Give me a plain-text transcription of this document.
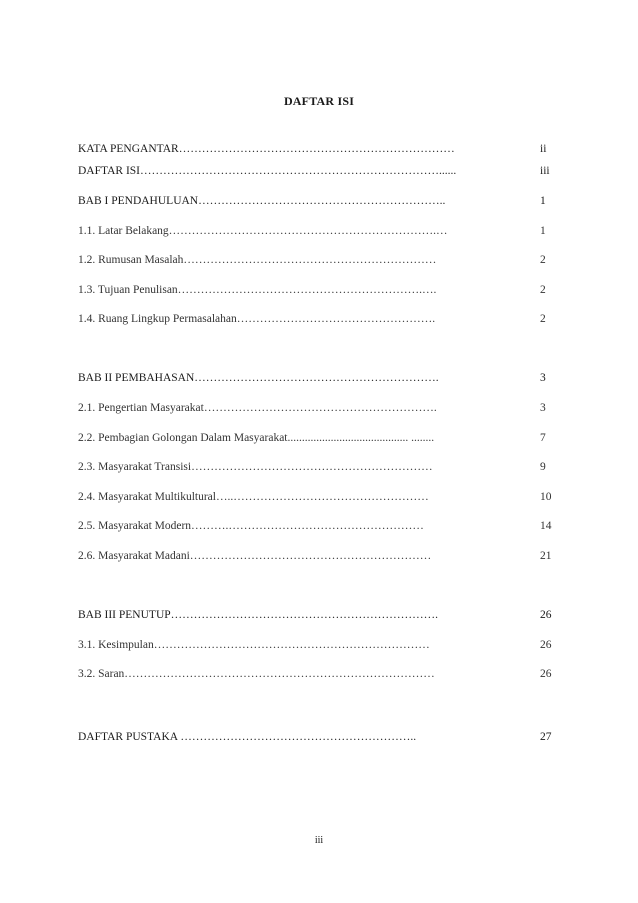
DAFTAR ISI
KATA PENGANTAR………………………………………………………………	ii
DAFTAR ISI……………………………………………………………………......	iii
BAB I PENDAHULUAN………………………………………………………..	1
1.1. Latar Belakang…………………………………………………………….…	1
1.2. Rumusan Masalah…………………………………………………………	2
1.3. Tujuan Penulisan……………………………………………………….….	2
1.4. Ruang Lingkup Permasalahan…………………………………………….	2
BAB II PEMBAHASAN……………………………………………………….	3
2.1. Pengertian Masyarakat…………………………………………………….	3
2.2. Pembagian Golongan Dalam Masyarakat.......................................... ........	7
2.3. Masyarakat Transisi………………………………………………………	9
2.4. Masyarakat Multikultural…..……………………………………………	10
2.5. Masyarakat Modern……….……………………………………………	14
2.6. Masyarakat Madani………………………………………………………	21
BAB III PENUTUP…………………………………………………………….	26
3.1. Kesimpulan………………………………………………………………	26
3.2. Saran………………………………………………………………………	26
DAFTAR PUSTAKA ……………………………………………………..	27
iii
